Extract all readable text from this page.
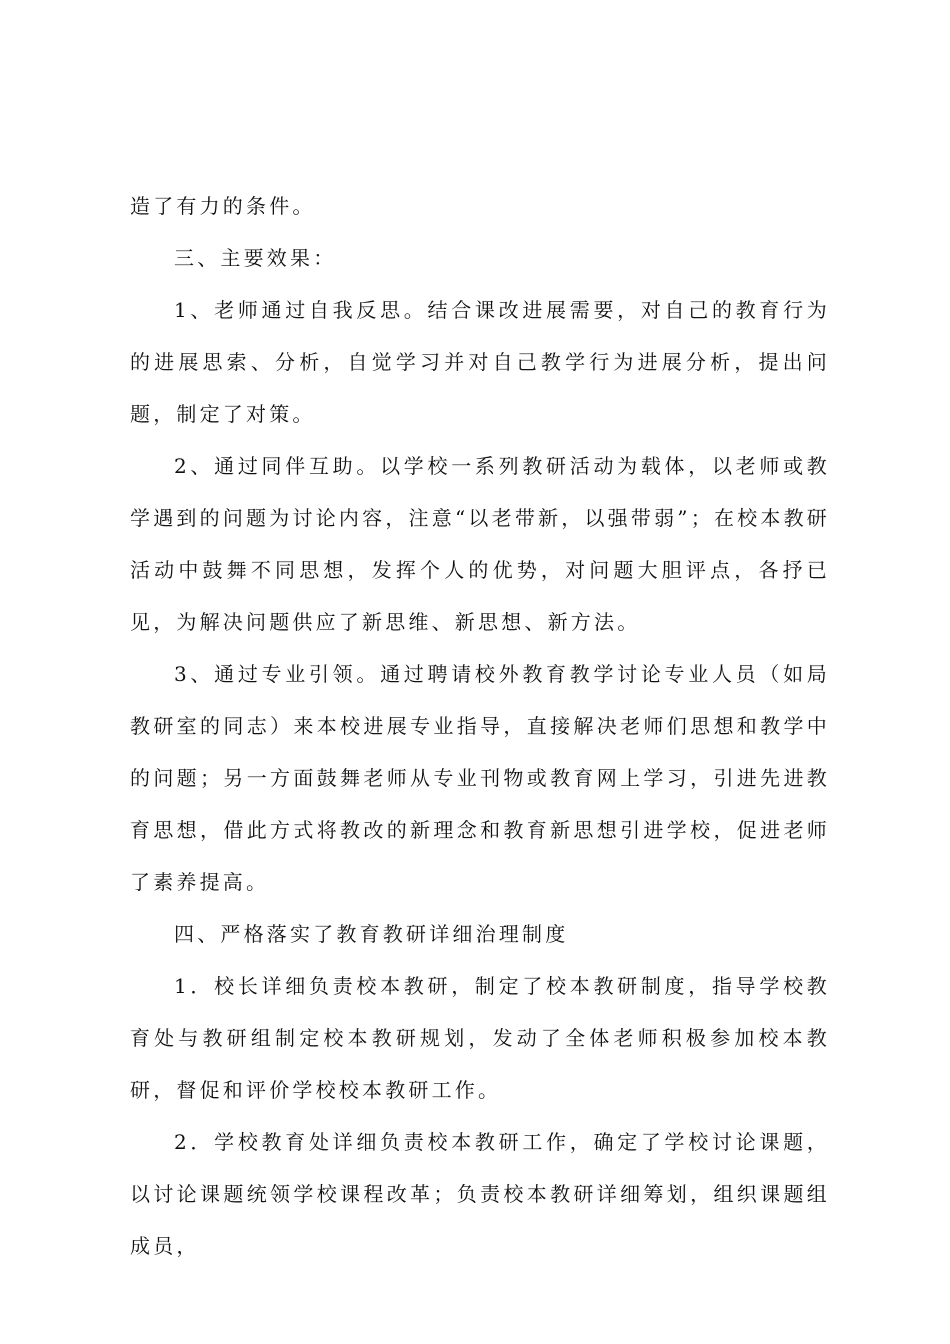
造了有力的条件。

三、主要效果：

1、老师通过自我反思。结合课改进展需要，对自己的教育行为的进展思索、分析，自觉学习并对自己教学行为进展分析，提出问题，制定了对策。

2、通过同伴互助。以学校一系列教研活动为载体，以老师或教学遇到的问题为讨论内容，注意“以老带新，以强带弱”；在校本教研活动中鼓舞不同思想，发挥个人的优势，对问题大胆评点，各抒已见，为解决问题供应了新思维、新思想、新方法。

3、通过专业引领。通过聘请校外教育教学讨论专业人员（如局教研室的同志）来本校进展专业指导，直接解决老师们思想和教学中的问题；另一方面鼓舞老师从专业刊物或教育网上学习，引进先进教育思想，借此方式将教改的新理念和教育新思想引进学校，促进老师了素养提高。

四、严格落实了教育教研详细治理制度

1．校长详细负责校本教研，制定了校本教研制度，指导学校教育处与教研组制定校本教研规划，发动了全体老师积极参加校本教研，督促和评价学校校本教研工作。

2．学校教育处详细负责校本教研工作，确定了学校讨论课题，以讨论课题统领学校课程改革；负责校本教研详细筹划，组织课题组成员，
